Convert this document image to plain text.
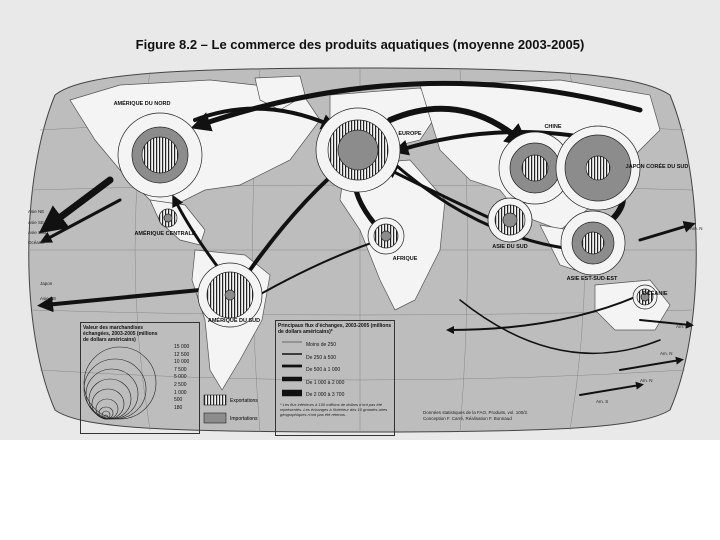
Figure 8.2 – Le commerce des produits aquatiques (moyenne 2003-2005)
AMÉRIQUE DU NORD
EUROPE
CHINE
JAPON CORÉE DU SUD
ASIE DU SUD
ASIE EST-SUD-EST
AFRIQUE
AMÉRIQUE CENTRALE
AMÉRIQUE DU SUD
OCÉANIE
Asie NE
Asie SE
Asie Sud
Océanie
Japon
Asie NE
Am. N
Am. N
Am. N
Am. N
Am. S
Valeur des marchandises échangées, 2003-2005 (millions de dollars américains)
15 000
12 500
10 000
7 500
5 000
2 500
1 000
500
180
Exportations
Importations
Principaux flux d'échanges, 2003-2005 (millions de dollars américains)*
Moins de 250
De 250 à 500
De 500 à 1 000
De 1 000 à 2 000
De 2 000 à 3 700
* Les flux inférieurs à 100 millions de dollars n'ont pas été représentés. Les échanges à l'intérieur des 10 grandes aires géographiques n'ont pas été retenus.	Données statistiques de la FAO, Produits, vol. 100/2. Conception F. Carré, Réalisation F. Bonnaud
